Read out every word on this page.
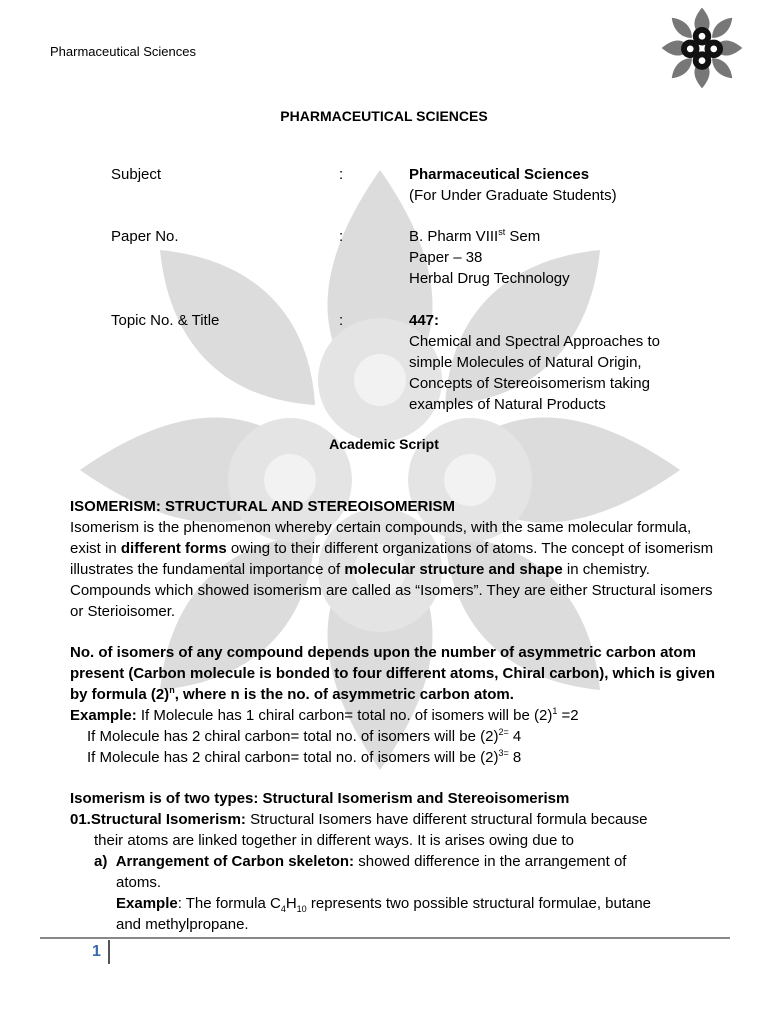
Pharmaceutical Sciences
PHARMACEUTICAL SCIENCES
Subject	:	Pharmaceutical Sciences
(For Under Graduate Students)
Paper No.	:	B. Pharm VIIIst Sem
Paper – 38
Herbal Drug Technology
Topic No. & Title	:	447:
Chemical and Spectral Approaches to
simple Molecules of Natural Origin,
Concepts of Stereoisomerism taking
examples of Natural Products
Academic Script

ISOMERISM: STRUCTURAL AND STEREOISOMERISM

Isomerism is the phenomenon whereby certain compounds, with the same molecular formula, exist in different forms owing to their different organizations of atoms. The concept of isomerism illustrates the fundamental importance of molecular structure and shape in chemistry. Compounds which showed isomerism are called as “Isomers”. They are either Structural isomers or Sterioisomer.

No. of isomers of any compound depends upon the number of asymmetric carbon atom present (Carbon molecule is bonded to four different atoms, Chiral carbon), which is given by formula $(2)^n$, where n is the no. of asymmetric carbon atom.

Example: If Molecule has 1 chiral carbon= total no. of isomers will be $(2)^1 =2$

If Molecule has 2 chiral carbon= total no. of isomers will be $(2)^{2=}$ 4

If Molecule has 2 chiral carbon= total no. of isomers will be $(2)^{3=}$ 8

Isomerism is of two types: Structural Isomerism and Stereoisomerism

01.Structural Isomerism: Structural Isomers have different structural formula because

their atoms are linked together in different ways. It is arises owing due to

a) Arrangement of Carbon skeleton: showed difference in the arrangement of

atoms.

Example: The formula $C_4H_{10}$ represents two possible structural formulae, butane

and methylpropane.

1
